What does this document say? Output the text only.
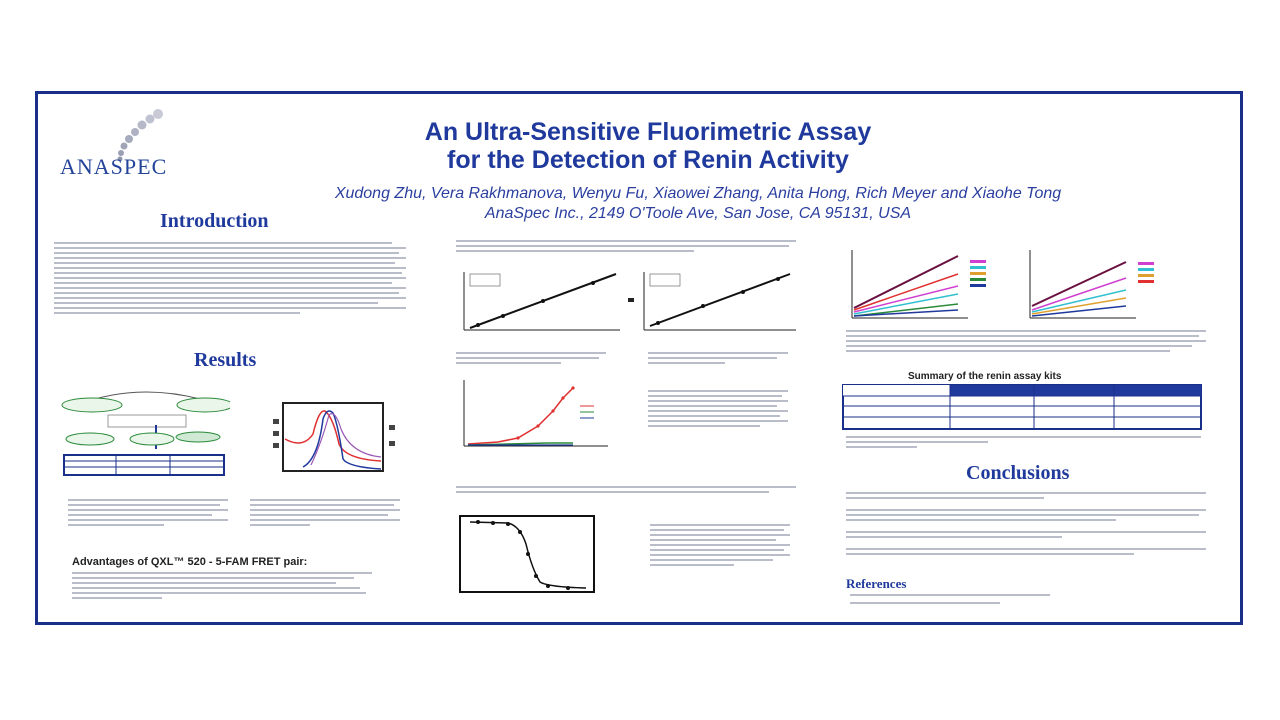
ANASPEC
An Ultra-Sensitive Fluorimetric Assay
for the Detection of Renin Activity
Xudong Zhu, Vera Rakhmanova, Wenyu Fu, Xiaowei Zhang, Anita Hong, Rich Meyer and Xiaohe Tong
AnaSpec Inc., 2149 O'Toole Ave, San Jose, CA 95131, USA
Introduction
Results
Advantages of QXL™ 520 - 5-FAM FRET pair:
Summary of the renin assay kits
Conclusions
References
